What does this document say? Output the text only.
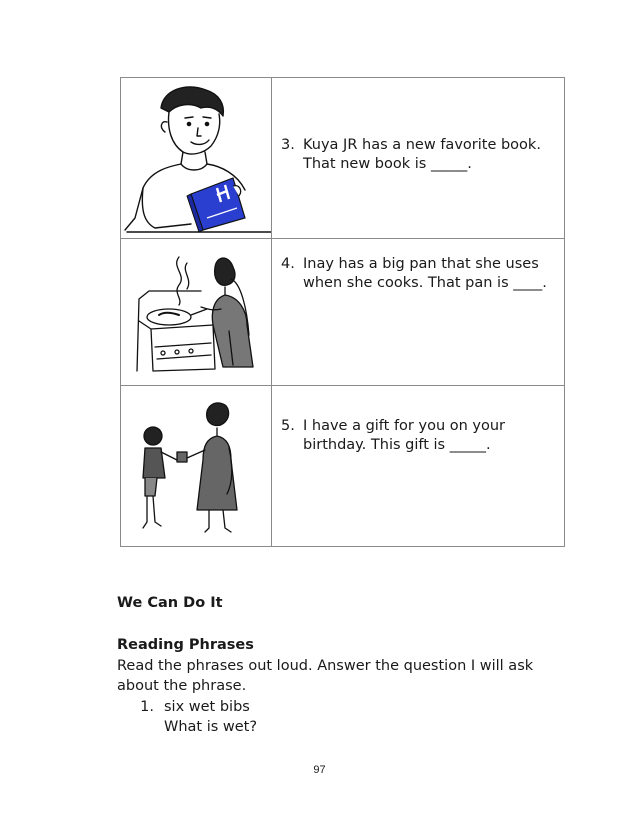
3. Kuya JR has a new favorite book. That new book is _____.

4. Inay has a big pan that she uses when she cooks. That pan is ____.

5. I have a gift for you on your birthday. This gift is _____.

We Can Do It

Reading Phrases

Read the phrases out loud. Answer the question I will ask about the phrase.

1. six wet bibs
What is wet?
97
